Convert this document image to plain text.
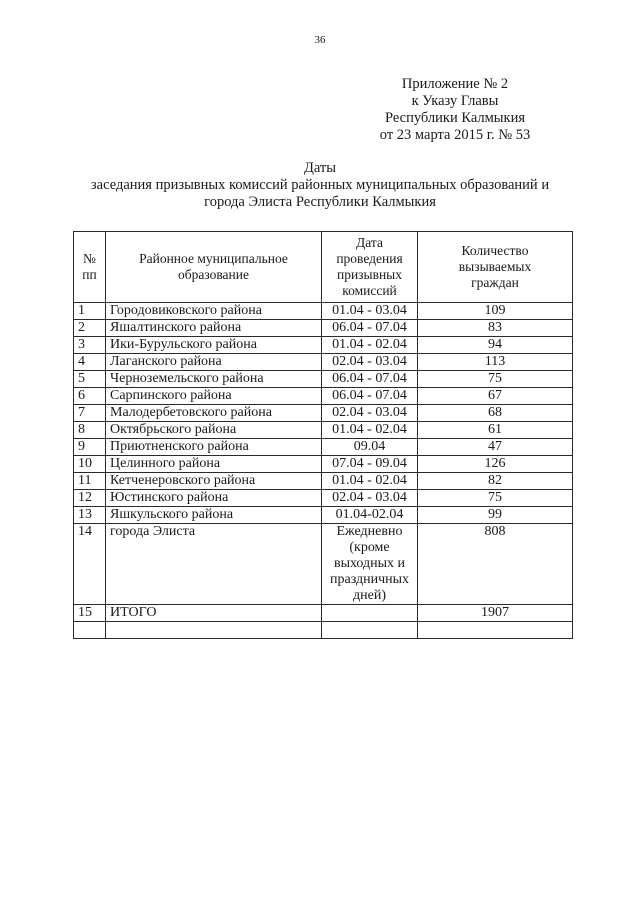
36
Приложение № 2
к Указу Главы
Республики Калмыкия
от 23 марта 2015 г. № 53
Даты
заседания призывных комиссий районных муниципальных образований и
города Элиста Республики Калмыкия
№ пп	Районное муниципальное образование	Дата проведения призывных комиссий	Количество вызываемых граждан
1	Городовиковского района	01.04 - 03.04	109
2	Яшалтинского района	06.04 - 07.04	83
3	Ики-Бурульского района	01.04 - 02.04	94
4	Лаганского района	02.04 - 03.04	113
5	Черноземельского района	06.04 - 07.04	75
6	Сарпинского района	06.04 - 07.04	67
7	Малодербетовского района	02.04 - 03.04	68
8	Октябрьского района	01.04 - 02.04	61
9	Приютненского района	09.04	47
10	Целинного района	07.04 - 09.04	126
11	Кетченеровского района	01.04 - 02.04	82
12	Юстинского района	02.04 - 03.04	75
13	Яшкульского района	01.04-02.04	99
14	города Элиста	Ежедневно (кроме выходных и праздничных дней)	808
15	ИТОГО		1907
